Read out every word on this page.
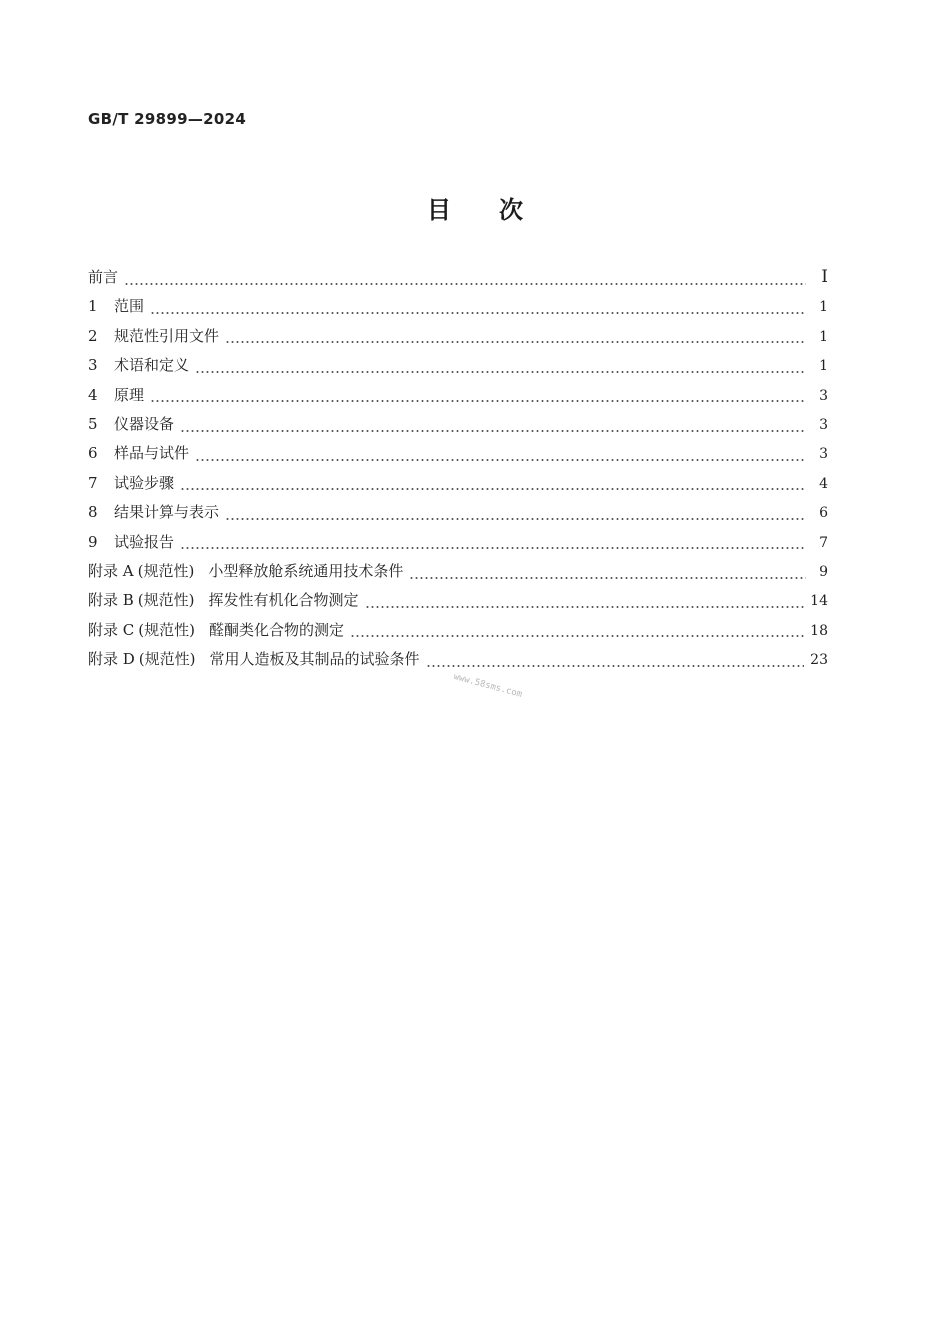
GB/T 29899—2024
目 次
前言	I
1	范围	1
2	规范性引用文件	1
3	术语和定义	1
4	原理	3
5	仪器设备	3
6	样品与试件	3
7	试验步骤	4
8	结果计算与表示	6
9	试验报告	7
附录 A (规范性) 小型释放舱系统通用技术条件	9
附录 B (规范性) 挥发性有机化合物测定	14
附录 C (规范性) 醛酮类化合物的测定	18
附录 D (规范性) 常用人造板及其制品的试验条件	23
www.58sms.com
